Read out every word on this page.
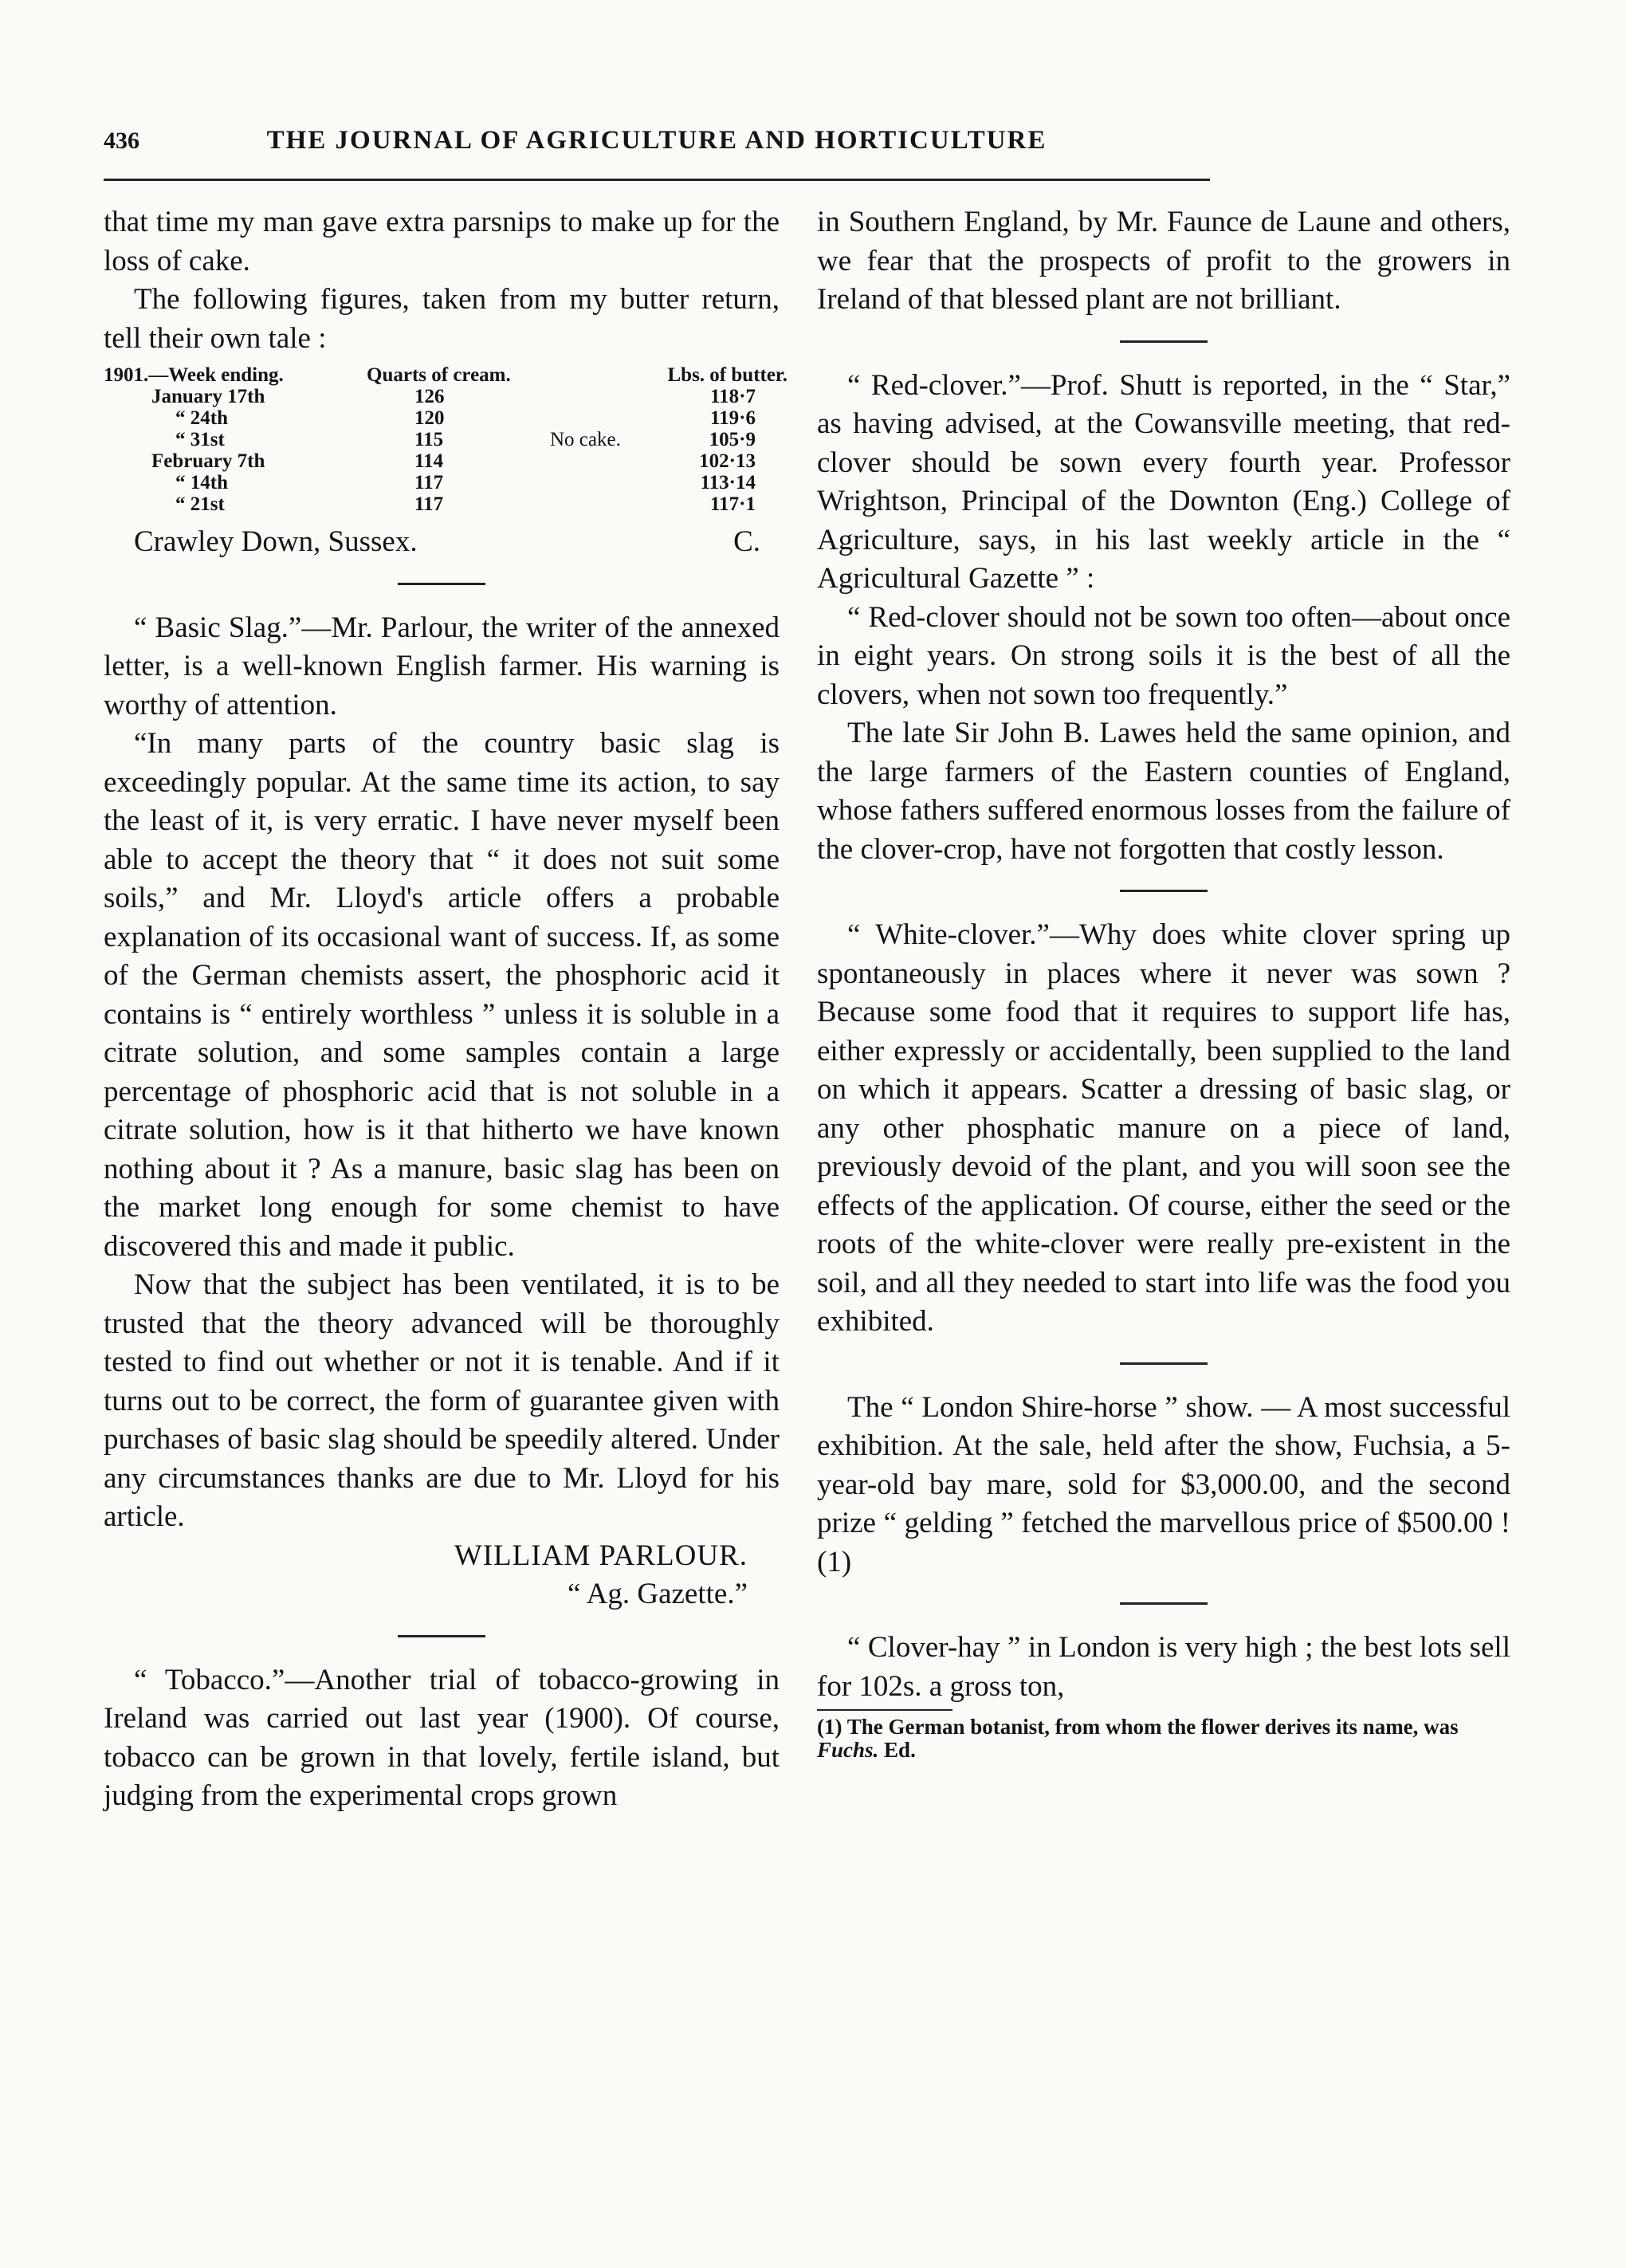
436	THE JOURNAL OF AGRICULTURE AND HORTICULTURE

that time my man gave extra parsnips to make up for the loss of cake.

The following figures, taken from my butter return, tell their own tale :

1901.—Week ending.	Quarts of cream.		Lbs. of butter.
January 17th	126		118·7
“ 24th	120		119·6
“ 31st	115	No cake.	105·9
February 7th	114		102·13
“ 14th	117		113·14
“ 21st	117		117·1
Crawley Down, Sussex.	C.

“ Basic Slag.”—Mr. Parlour, the writer of the annexed letter, is a well-known English farmer. His warning is worthy of attention.

“In many parts of the country basic slag is exceedingly popular. At the same time its action, to say the least of it, is very erratic. I have never myself been able to accept the theory that “ it does not suit some soils,” and Mr. Lloyd's article offers a probable explanation of its occasional want of success. If, as some of the German chemists assert, the phosphoric acid it contains is “ entirely worthless ” unless it is soluble in a citrate solution, and some samples contain a large percentage of phosphoric acid that is not soluble in a citrate solution, how is it that hitherto we have known nothing about it ? As a manure, basic slag has been on the market long enough for some chemist to have discovered this and made it public.

Now that the subject has been ventilated, it is to be trusted that the theory advanced will be thoroughly tested to find out whether or not it is tenable. And if it turns out to be correct, the form of guarantee given with purchases of basic slag should be speedily altered. Under any circumstances thanks are due to Mr. Lloyd for his article.

WILLIAM PARLOUR.

“ Ag. Gazette.”

“ Tobacco.”—Another trial of tobacco-growing in Ireland was carried out last year (1900). Of course, tobacco can be grown in that lovely, fertile island, but judging from the experimental crops grown

in Southern England, by Mr. Faunce de Laune and others, we fear that the prospects of profit to the growers in Ireland of that blessed plant are not brilliant.

“ Red-clover.”—Prof. Shutt is reported, in the “ Star,” as having advised, at the Cowansville meeting, that red-clover should be sown every fourth year. Professor Wrightson, Principal of the Downton (Eng.) College of Agriculture, says, in his last weekly article in the “ Agricultural Gazette ” :

“ Red-clover should not be sown too often—about once in eight years. On strong soils it is the best of all the clovers, when not sown too frequently.”

The late Sir John B. Lawes held the same opinion, and the large farmers of the Eastern counties of England, whose fathers suffered enormous losses from the failure of the clover-crop, have not forgotten that costly lesson.

“ White-clover.”—Why does white clover spring up spontaneously in places where it never was sown ? Because some food that it requires to support life has, either expressly or accidentally, been supplied to the land on which it appears. Scatter a dressing of basic slag, or any other phosphatic manure on a piece of land, previously devoid of the plant, and you will soon see the effects of the application. Of course, either the seed or the roots of the white-clover were really pre-existent in the soil, and all they needed to start into life was the food you exhibited.

The “ London Shire-horse ” show. — A most successful exhibition. At the sale, held after the show, Fuchsia, a 5-year-old bay mare, sold for $3,000.00, and the second prize “ gelding ” fetched the marvellous price of $500.00 ! (1)

“ Clover-hay ” in London is very high ; the best lots sell for 102s. a gross ton,

(1) The German botanist, from whom the flower derives its name, was Fuchs. Ed.
